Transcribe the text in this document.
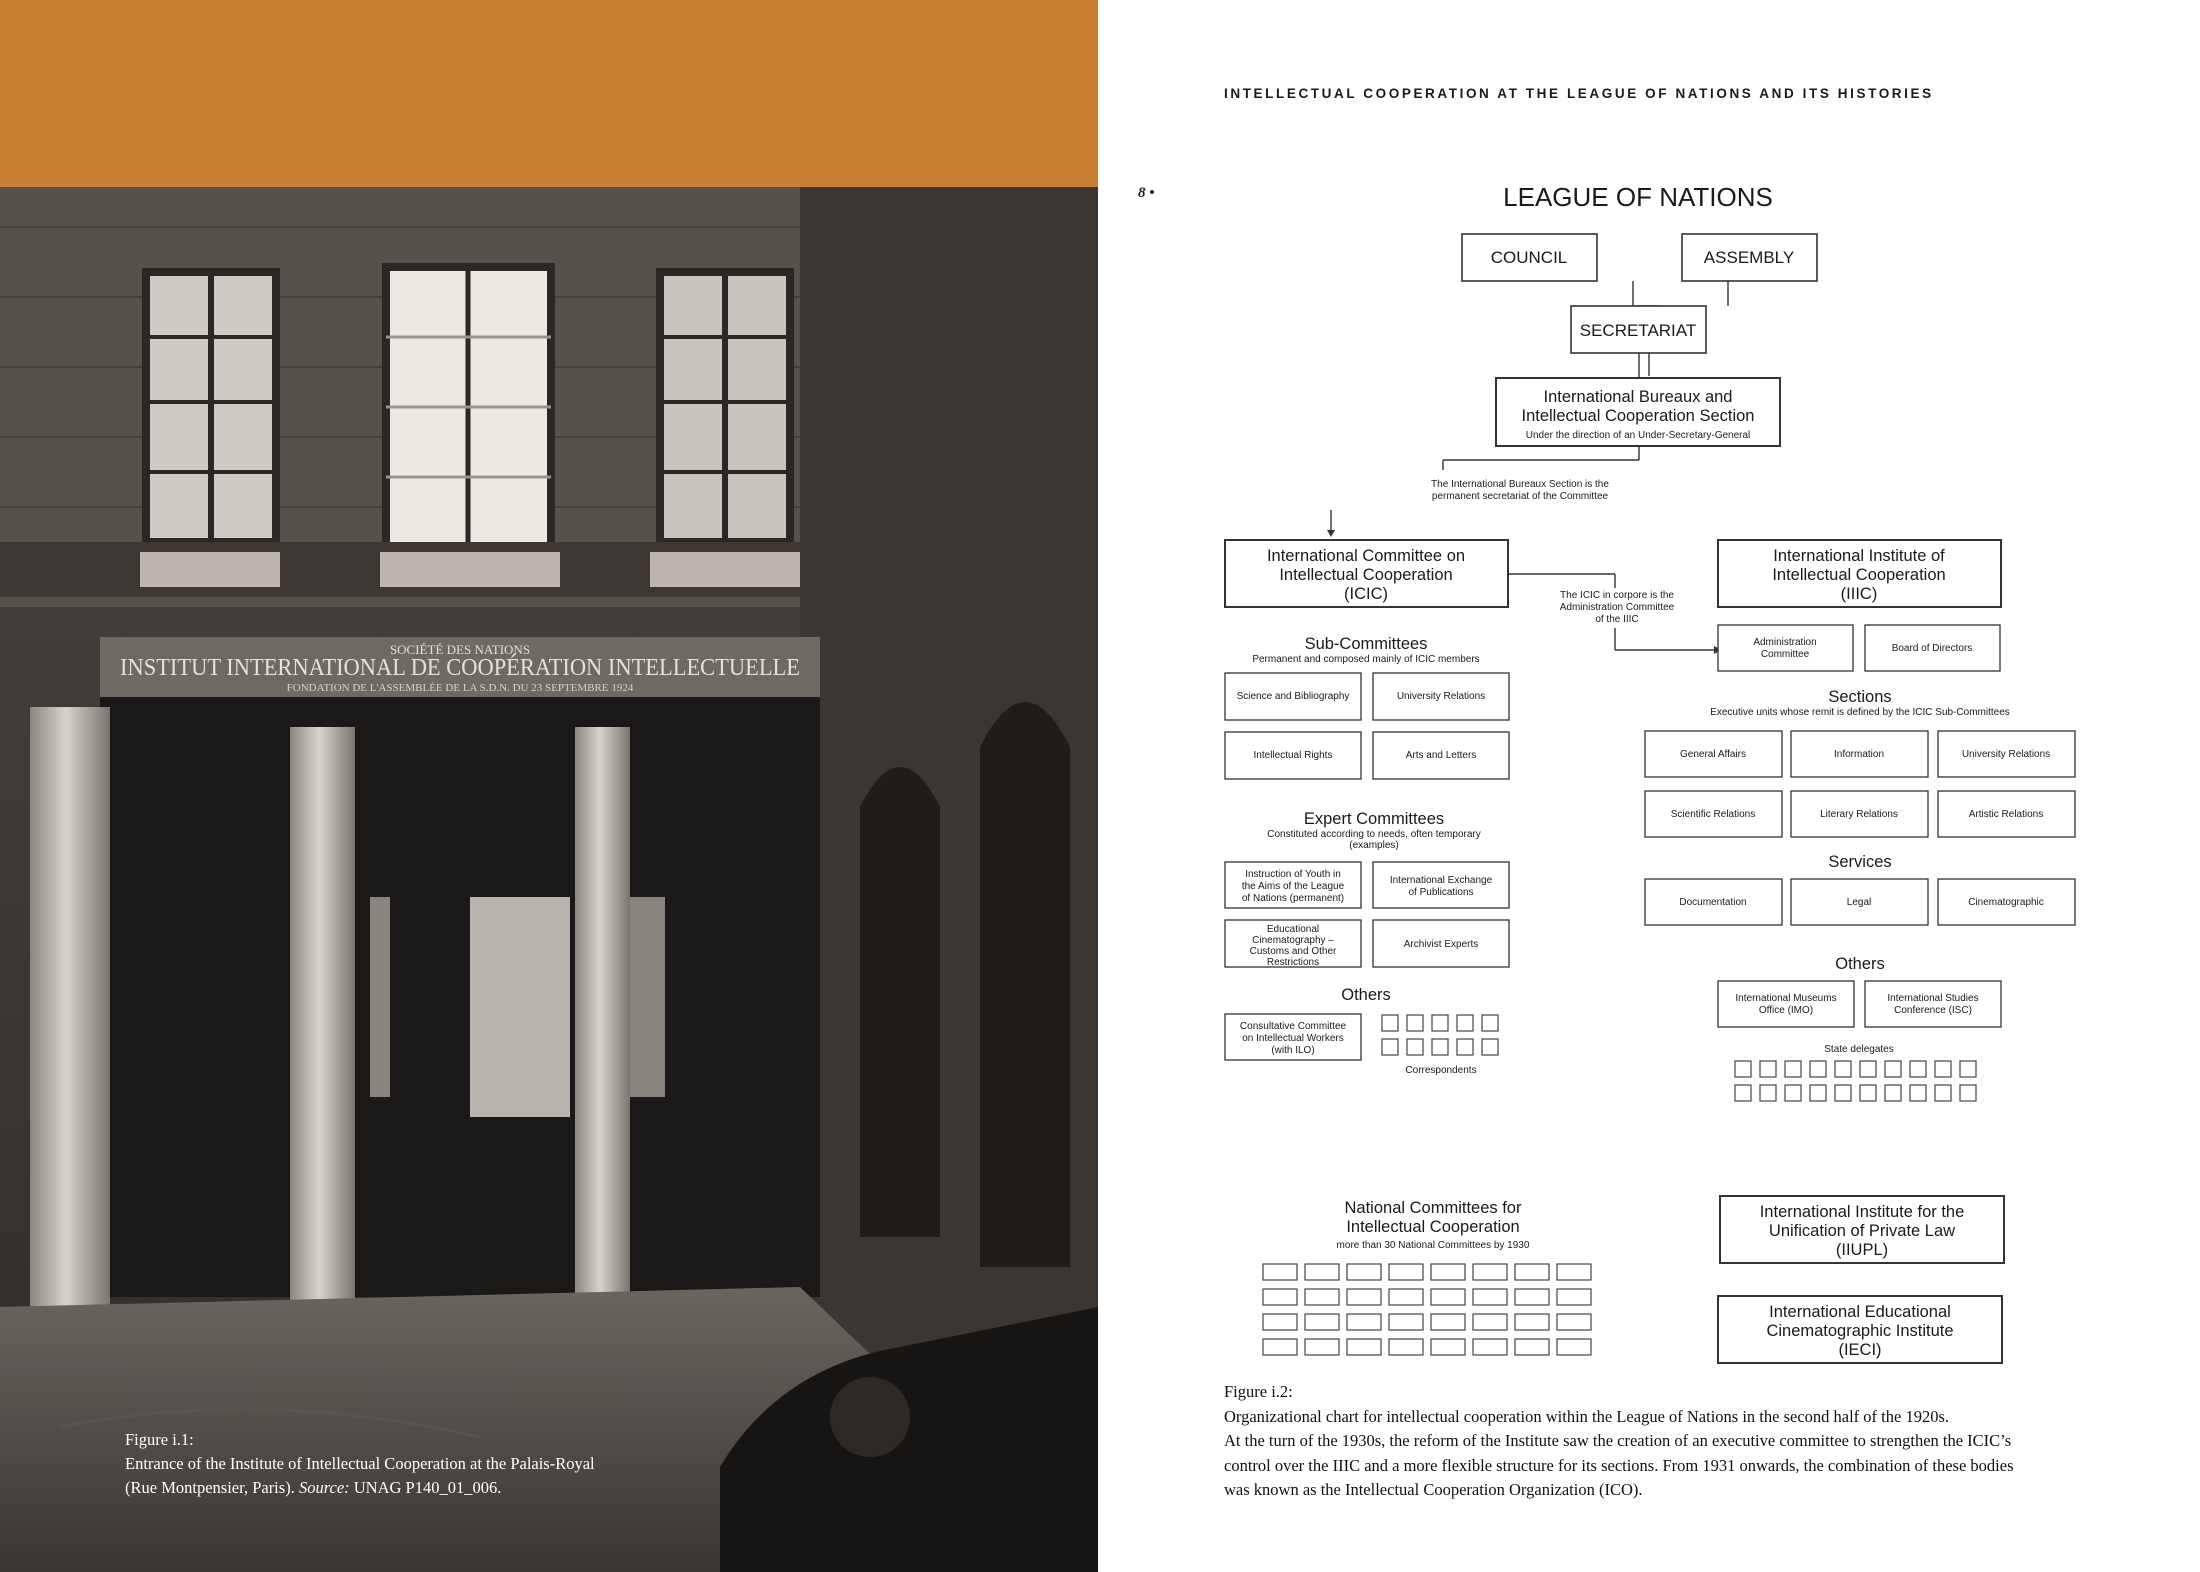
SOCIÉTÉ DES NATIONS
INSTITUT INTERNATIONAL DE COOPÉRATION INTELLECTUELLE
FONDATION DE L'ASSEMBLÉE DE LA S.D.N. DU 23 SEPTEMBRE 1924
Figure i.1:
Entrance of the Institute of Intellectual Cooperation at the Palais-Royal
(Rue Montpensier, Paris). Source: UNAG P140_01_006.
INTELLECTUAL COOPERATION AT THE LEAGUE OF NATIONS AND ITS HISTORIES
8 •	LEAGUE OF NATIONS
COUNCIL	ASSEMBLY
SECRETARIAT
International Bureaux and
Intellectual Cooperation Section
Under the direction of an Under-Secretary-General
The International Bureaux Section is the
permanent secretariat of the Committee
International Committee on
Intellectual Cooperation
(ICIC)
International Institute of
Intellectual Cooperation
(IIIC)
The ICIC in corpore is the
Administration Committee
of the IIIC
Administration
Committee
Board of Directors
Sub-Committees
Permanent and composed mainly of ICIC members
Science and Bibliography	University Relations
Intellectual Rights	Arts and Letters
Sections
Executive units whose remit is defined by the ICIC Sub-Committees
General Affairs	Information	University Relations
Scientific Relations	Literary Relations	Artistic Relations
Expert Committees
Constituted according to needs, often temporary
(examples)
Instruction of Youth in
the Aims of the League
of Nations (permanent)
International Exchange
of Publications
Educational
Cinematography –
Customs and Other
Restrictions
Archivist Experts
Services
Documentation	Legal	Cinematographic
Others
Consultative Committee
on Intellectual Workers
(with ILO)
Correspondents
Others
International Museums
Office (IMO)
International Studies
Conference (ISC)
State delegates
National Committees for
Intellectual Cooperation
more than 30 National Committees by 1930
International Institute for the
Unification of Private Law
(IIUPL)
International Educational
Cinematographic Institute
(IECI)
Figure i.2:
Organizational chart for intellectual cooperation within the League of Nations in the second half of the 1920s.
At the turn of the 1930s, the reform of the Institute saw the creation of an executive committee to strengthen the ICIC’s
control over the IIIC and a more flexible structure for its sections. From 1931 onwards, the combination of these bodies
was known as the Intellectual Cooperation Organization (ICO).
